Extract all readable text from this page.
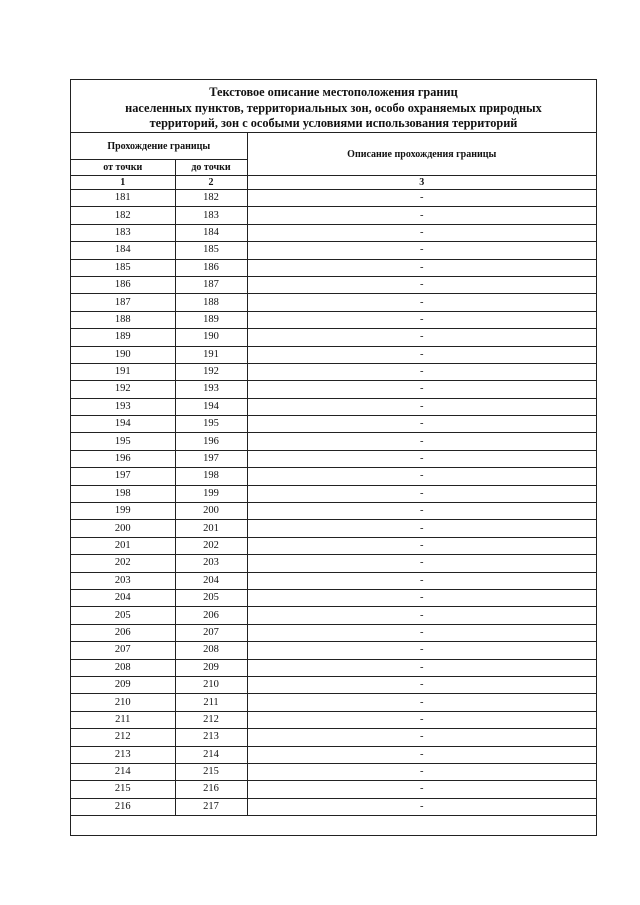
Текстовое описание местоположения границ
населенных пунктов, территориальных зон, особо охраняемых природных
территорий, зон с особыми условиями использования территорий
Прохождение границы		Описание прохождения границы
от точки	до точки	
1	2	3
181	182	-
182	183	-
183	184	-
184	185	-
185	186	-
186	187	-
187	188	-
188	189	-
189	190	-
190	191	-
191	192	-
192	193	-
193	194	-
194	195	-
195	196	-
196	197	-
197	198	-
198	199	-
199	200	-
200	201	-
201	202	-
202	203	-
203	204	-
204	205	-
205	206	-
206	207	-
207	208	-
208	209	-
209	210	-
210	211	-
211	212	-
212	213	-
213	214	-
214	215	-
215	216	-
216	217	-
